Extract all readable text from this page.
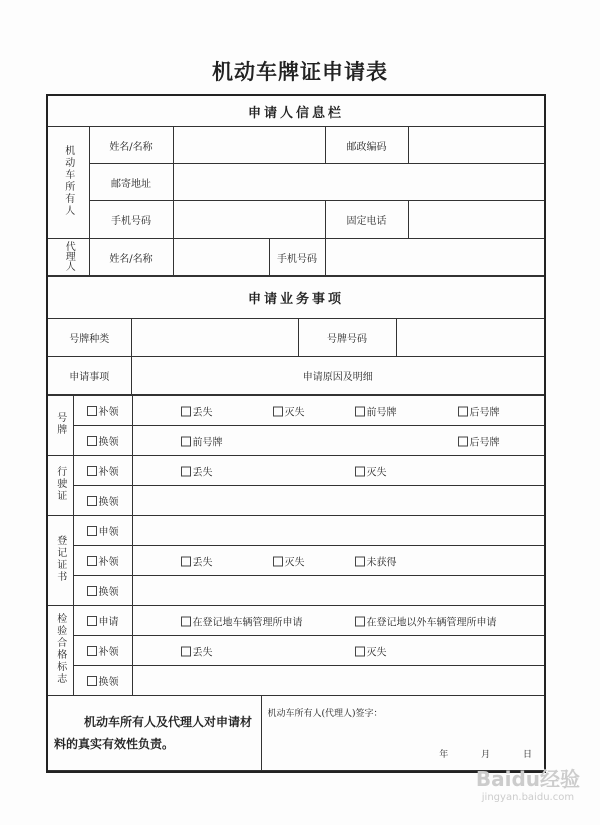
机动车牌证申请表
申请人信息栏					
机动车所有人	姓名/名称			邮政编码	
	邮寄地址				
	手机号码			固定电话	
代理人	姓名/名称		手机号码		
申请业务事项			
号牌种类		号牌号码	
申请事项	申请原因及明细		
号牌	补领	丢失 灭失 前号牌 后号牌

	换领	前号牌 后号牌

行驶证	补领	丢失 灭失

	换领	
登记证书	申领	
	补领	丢失 灭失 未获得

	换领	
检验合格标志	申请	在登记地车辆管理所申请 在登记地以外车辆管理所申请

	补领	丢失 灭失

	换领	
机动车所有人及代理人对申请材料的真实有效性负责。	
机动车所有人(代理人)签字：
年	月	日
Baidu经验
jingyan.baidu.com
